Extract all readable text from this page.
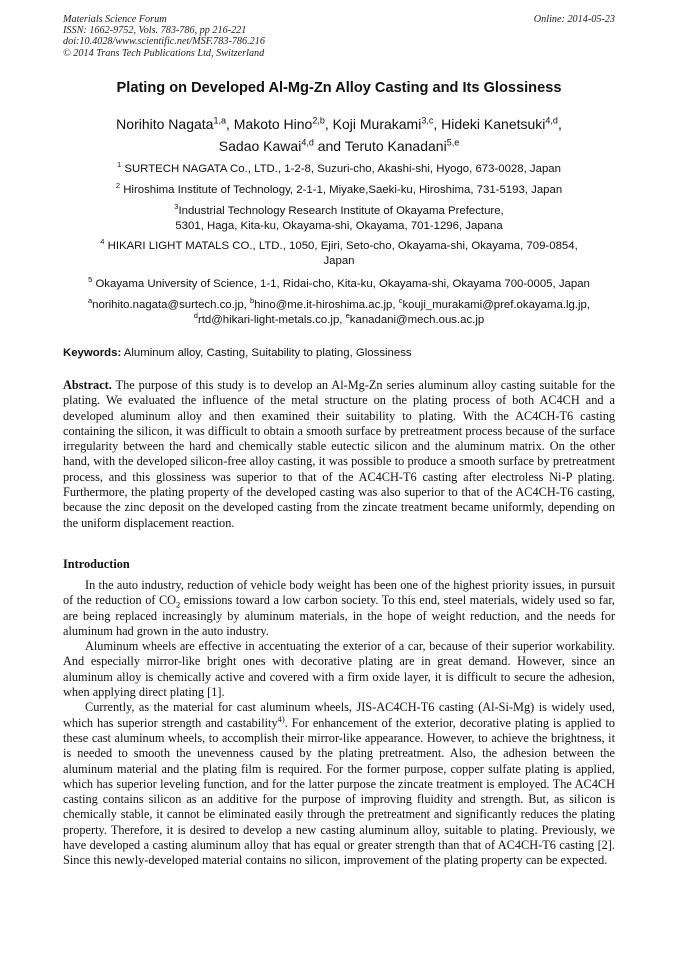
Materials Science Forum
ISSN: 1662-9752, Vols. 783-786, pp 216-221
doi:10.4028/www.scientific.net/MSF.783-786.216
© 2014 Trans Tech Publications Ltd, Switzerland
Online: 2014-05-23
Plating on Developed Al-Mg-Zn Alloy Casting and Its Glossiness
Norihito Nagata$^{1,a}$, Makoto Hino$^{2,b}$, Koji Murakami$^{3,c}$, Hideki Kanetsuki$^{4,d}$,
Sadao Kawai$^{4,d}$ and Teruto Kanadani$^{5,e}$
$^1$ SURTECH NAGATA Co., LTD., 1-2-8, Suzuri-cho, Akashi-shi, Hyogo, 673-0028, Japan
$^2$ Hiroshima Institute of Technology, 2-1-1, Miyake,Saeki-ku, Hiroshima, 731-5193, Japan
$^3$Industrial Technology Research Institute of Okayama Prefecture,
5301, Haga, Kita-ku, Okayama-shi, Okayama, 701-1296, Japana
$^4$ HIKARI LIGHT MATALS CO., LTD., 1050, Ejiri, Seto-cho, Okayama-shi, Okayama, 709-0854,
Japan
$^5$ Okayama University of Science, 1-1, Ridai-cho, Kita-ku, Okayama-shi, Okayama 700-0005, Japan
$^a$norihito.nagata@surtech.co.jp, $^b$hino@me.it-hiroshima.ac.jp, $^c$kouji_murakami@pref.okayama.lg.jp,
$^d$rtd@hikari-light-metals.co.jp, $^e$kanadani@mech.ous.ac.jp
Keywords: Aluminum alloy, Casting, Suitability to plating, Glossiness

Abstract. The purpose of this study is to develop an Al-Mg-Zn series aluminum alloy casting suitable for the plating. We evaluated the influence of the metal structure on the plating process of both AC4CH and a developed aluminum alloy and then examined their suitability to plating. With the AC4CH-T6 casting containing the silicon, it was difficult to obtain a smooth surface by pretreatment process because of the surface irregularity between the hard and chemically stable eutectic silicon and the aluminum matrix. On the other hand, with the developed silicon-free alloy casting, it was possible to produce a smooth surface by pretreatment process, and this glossiness was superior to that of the AC4CH-T6 casting after electroless Ni-P plating. Furthermore, the plating property of the developed casting was also superior to that of the AC4CH-T6 casting, because the zinc deposit on the developed casting from the zincate treatment became uniformly, depending on the uniform displacement reaction.

Introduction

In the auto industry, reduction of vehicle body weight has been one of the highest priority issues, in pursuit of the reduction of $CO_2$ emissions toward a low carbon society. To this end, steel materials, widely used so far, are being replaced increasingly by aluminum materials, in the hope of weight reduction, and the needs for aluminum had grown in the auto industry.

Aluminum wheels are effective in accentuating the exterior of a car, because of their superior workability. And especially mirror-like bright ones with decorative plating are in great demand. However, since an aluminum alloy is chemically active and covered with a firm oxide layer, it is difficult to secure the adhesion, when applying direct plating [1].

Currently, as the material for cast aluminum wheels, JIS-AC4CH-T6 casting (Al-Si-Mg) is widely used, which has superior strength and castability$^{4)}$. For enhancement of the exterior, decorative plating is applied to these cast aluminum wheels, to accomplish their mirror-like appearance. However, to achieve the brightness, it is needed to smooth the unevenness caused by the plating pretreatment. Also, the adhesion between the aluminum material and the plating film is required. For the former purpose, copper sulfate plating is applied, which has superior leveling function, and for the latter purpose the zincate treatment is employed. The AC4CH casting contains silicon as an additive for the purpose of improving fluidity and strength. But, as silicon is chemically stable, it cannot be eliminated easily through the pretreatment and significantly reduces the plating property. Therefore, it is desired to develop a new casting aluminum alloy, suitable to plating. Previously, we have developed a casting aluminum alloy that has equal or greater strength than that of AC4CH-T6 casting [2]. Since this newly-developed material contains no silicon, improvement of the plating property can be expected.
